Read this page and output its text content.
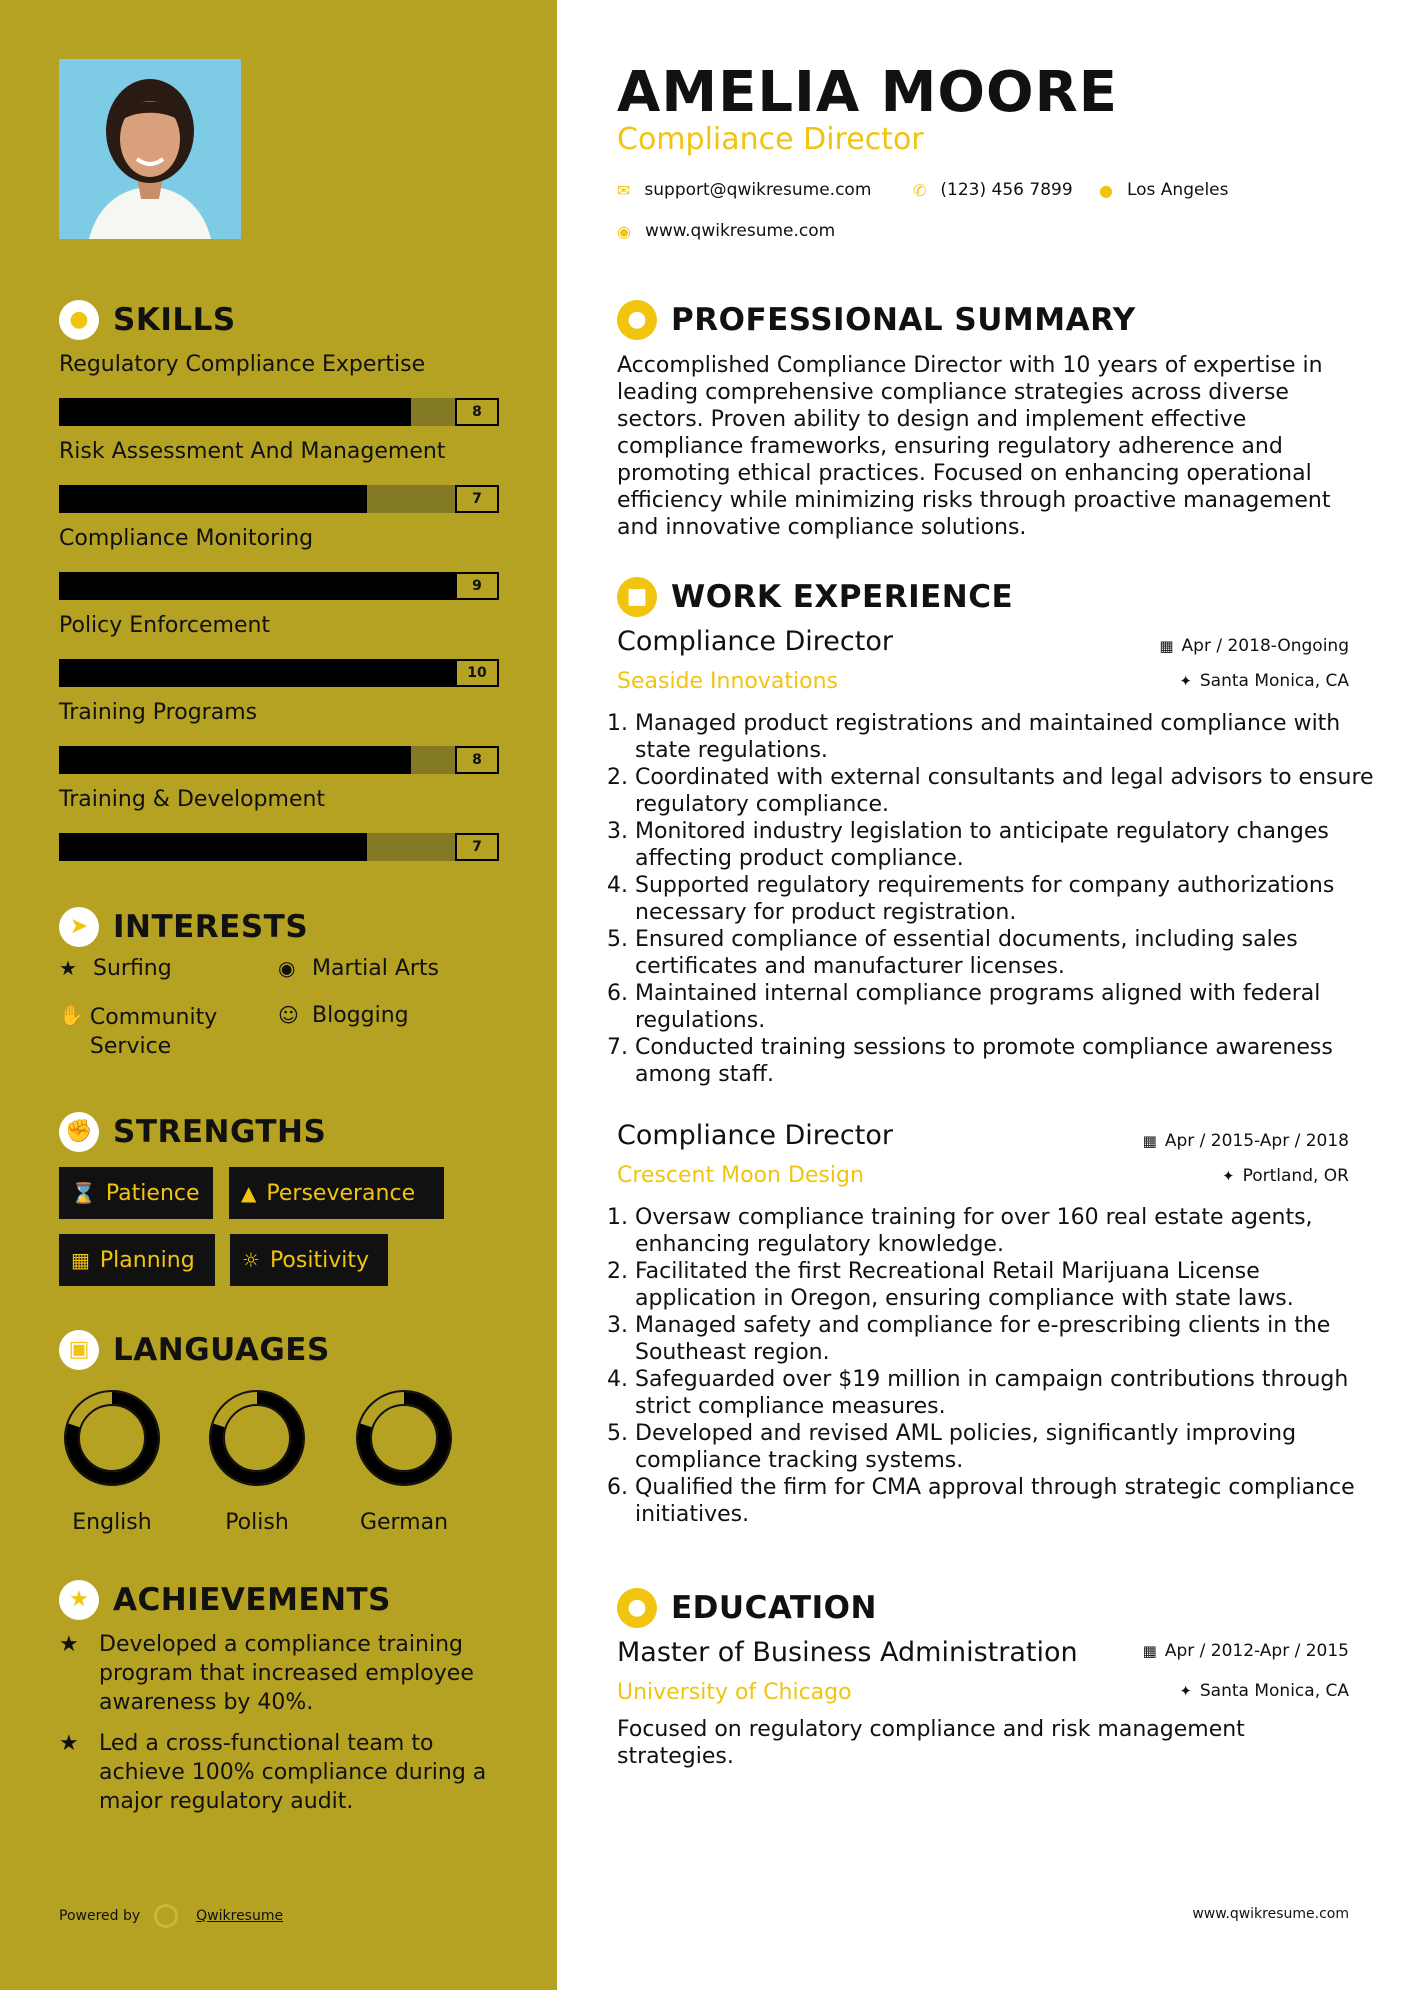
● SKILLS
Regulatory Compliance Expertise
8
Risk Assessment And Management
7
Compliance Monitoring
9
Policy Enforcement
10
Training Programs
8
Training & Development
7
➤ INTERESTS
★ Surfing	◉ Martial Arts
✋ Community Service
☺ Blogging
✊ STRENGTHS
⌛ Patience ▲ Perseverance
▦ Planning ☼ Positivity
▣ LANGUAGES
English	Polish	German
★ ACHIEVEMENTS
★ Developed a compliance training program that increased employee awareness by 40%.
★ Led a cross-functional team to achieve 100% compliance during a major regulatory audit.
Powered by	Qwikresume
AMELIA MOORE
Compliance Director
✉ support@qwikresume.com	✆ (123) 456 7899 ● Los Angeles
◉ www.qwikresume.com
● PROFESSIONAL SUMMARY
Accomplished Compliance Director with 10 years of expertise in leading comprehensive compliance strategies across diverse sectors. Proven ability to design and implement effective compliance frameworks, ensuring regulatory adherence and promoting ethical practices. Focused on enhancing operational efficiency while minimizing risks through proactive management and innovative compliance solutions.
■ WORK EXPERIENCE
Compliance Director
Seaside Innovations
▦ Apr / 2018-Ongoing
✦ Santa Monica, CA
1. Managed product registrations and maintained compliance with state regulations.
2. Coordinated with external consultants and legal advisors to ensure regulatory compliance.
3. Monitored industry legislation to anticipate regulatory changes affecting product compliance.
4. Supported regulatory requirements for company authorizations necessary for product registration.
5. Ensured compliance of essential documents, including sales certificates and manufacturer licenses.
6. Maintained internal compliance programs aligned with federal regulations.
7. Conducted training sessions to promote compliance awareness among staff.
Compliance Director
Crescent Moon Design
▦ Apr / 2015-Apr / 2018
✦ Portland, OR
1. Oversaw compliance training for over 160 real estate agents, enhancing regulatory knowledge.
2. Facilitated the first Recreational Retail Marijuana License application in Oregon, ensuring compliance with state laws.
3. Managed safety and compliance for e-prescribing clients in the Southeast region.
4. Safeguarded over $19 million in campaign contributions through strict compliance measures.
5. Developed and revised AML policies, significantly improving compliance tracking systems.
6. Qualified the firm for CMA approval through strategic compliance initiatives.
● EDUCATION
Master of Business Administration
University of Chicago
▦ Apr / 2012-Apr / 2015
✦ Santa Monica, CA
Focused on regulatory compliance and risk management strategies.
www.qwikresume.com
